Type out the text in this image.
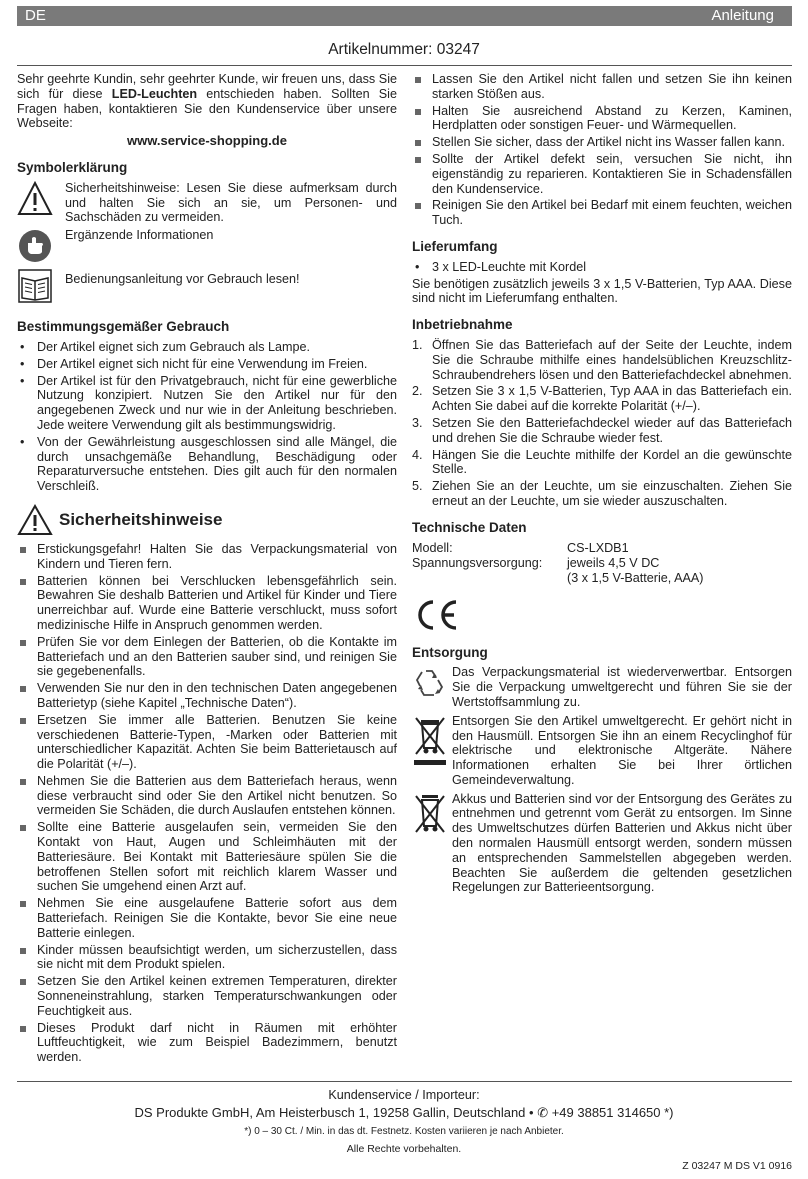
DE	Anleitung
Artikelnummer: 03247

Sehr geehrte Kundin, sehr geehrter Kunde, wir freuen uns, dass Sie sich für diese LED-Leuchten entschieden haben. Sollten Sie Fragen haben, kontaktieren Sie den Kundenservice über unsere Webseite:

www.service-shopping.de
Symbolerklärung

Sicherheitshinweise: Lesen Sie diese aufmerksam durch und halten Sie sich an sie, um Personen- und Sachschäden zu vermeiden.

Ergänzende Informationen

Bedienungsanleitung vor Gebrauch lesen!

Bestimmungsgemäßer Gebrauch
• Der Artikel eignet sich zum Gebrauch als Lampe.
• Der Artikel eignet sich nicht für eine Verwendung im Freien.
• Der Artikel ist für den Privatgebrauch, nicht für eine gewerbliche Nutzung konzipiert. Nutzen Sie den Artikel nur für den angegebenen Zweck und nur wie in der Anleitung beschrieben. Jede weitere Verwendung gilt als bestimmungswidrig.
• Von der Gewährleistung ausgeschlossen sind alle Mängel, die durch unsachgemäße Behandlung, Beschädigung oder Reparaturversuche entstehen. Dies gilt auch für den normalen Verschleiß.
Sicherheitshinweise
Erstickungsgefahr! Halten Sie das Verpackungsmaterial von Kindern und Tieren fern.
Batterien können bei Verschlucken lebensgefährlich sein. Bewahren Sie deshalb Batterien und Artikel für Kinder und Tiere unerreichbar auf. Wurde eine Batterie verschluckt, muss sofort medizinische Hilfe in Anspruch genommen werden.
Prüfen Sie vor dem Einlegen der Batterien, ob die Kontakte im Batteriefach und an den Batterien sauber sind, und reinigen Sie sie gegebenenfalls.
Verwenden Sie nur den in den technischen Daten angegebenen Batterietyp (siehe Kapitel „Technische Daten“).
Ersetzen Sie immer alle Batterien. Benutzen Sie keine verschiedenen Batterie-Typen, -Marken oder Batterien mit unterschiedlicher Kapazität. Achten Sie beim Batterietausch auf die Polarität (+/–).
Nehmen Sie die Batterien aus dem Batteriefach heraus, wenn diese verbraucht sind oder Sie den Artikel nicht benutzen. So vermeiden Sie Schäden, die durch Auslaufen entstehen können.
Sollte eine Batterie ausgelaufen sein, vermeiden Sie den Kontakt von Haut, Augen und Schleimhäuten mit der Batteriesäure. Bei Kontakt mit Batteriesäure spülen Sie die betroffenen Stellen sofort mit reichlich klarem Wasser und suchen Sie umgehend einen Arzt auf.
Nehmen Sie eine ausgelaufene Batterie sofort aus dem Batteriefach. Reinigen Sie die Kontakte, bevor Sie eine neue Batterie einlegen.
Kinder müssen beaufsichtigt werden, um sicherzustellen, dass sie nicht mit dem Produkt spielen.
Setzen Sie den Artikel keinen extremen Temperaturen, direkter Sonneneinstrahlung, starken Temperaturschwankungen oder Feuchtigkeit aus.
Dieses Produkt darf nicht in Räumen mit erhöhter Luftfeuchtigkeit, wie zum Beispiel Badezimmern, benutzt werden.
Lassen Sie den Artikel nicht fallen und setzen Sie ihn keinen starken Stößen aus.
Halten Sie ausreichend Abstand zu Kerzen, Kaminen, Herdplatten oder sonstigen Feuer- und Wärmequellen.
Stellen Sie sicher, dass der Artikel nicht ins Wasser fallen kann.
Sollte der Artikel defekt sein, versuchen Sie nicht, ihn eigenständig zu reparieren. Kontaktieren Sie in Schadensfällen den Kundenservice.
Reinigen Sie den Artikel bei Bedarf mit einem feuchten, weichen Tuch.
Lieferumfang
• 3 x LED-Leuchte mit Kordel

Sie benötigen zusätzlich jeweils 3 x 1,5 V-Batterien, Typ AAA. Diese sind nicht im Lieferumfang enthalten.

Inbetriebnahme
1. Öffnen Sie das Batteriefach auf der Seite der Leuchte, indem Sie die Schraube mithilfe eines handelsüblichen Kreuzschlitz-Schraubendrehers lösen und den Batteriefachdeckel abnehmen.
2. Setzen Sie 3 x 1,5 V-Batterien, Typ AAA in das Batteriefach ein. Achten Sie dabei auf die korrekte Polarität (+/–).
3. Setzen Sie den Batteriefachdeckel wieder auf das Batteriefach und drehen Sie die Schraube wieder fest.
4. Hängen Sie die Leuchte mithilfe der Kordel an die gewünschte Stelle.
5. Ziehen Sie an der Leuchte, um sie einzuschalten. Ziehen Sie erneut an der Leuchte, um sie wieder auszuschalten.
Technische Daten
Modell:	CS-LXDB1
Spannungsversorgung:	jeweils 4,5 V DC
	(3 x 1,5 V-Batterie, AAA)
Entsorgung

Das Verpackungsmaterial ist wiederverwertbar. Entsorgen Sie die Verpackung umweltgerecht und führen Sie sie der Wertstoffsammlung zu.

Entsorgen Sie den Artikel umweltgerecht. Er gehört nicht in den Hausmüll. Entsorgen Sie ihn an einem Recyclinghof für elektrische und elektronische Altgeräte. Nähere Informationen erhalten Sie bei Ihrer örtlichen Gemeindeverwaltung.

Akkus und Batterien sind vor der Entsorgung des Gerätes zu entnehmen und getrennt vom Gerät zu entsorgen. Im Sinne des Umweltschutzes dürfen Batterien und Akkus nicht über den normalen Hausmüll entsorgt werden, sondern müssen an entsprechenden Sammelstellen abgegeben werden. Beachten Sie außerdem die geltenden gesetzlichen Regelungen zur Batterieentsorgung.

Kundenservice / Importeur:
DS Produkte GmbH, Am Heisterbusch 1, 19258 Gallin, Deutschland • ✆ +49 38851 314650 *)
*) 0 – 30 Ct. / Min. in das dt. Festnetz. Kosten variieren je nach Anbieter.
Alle Rechte vorbehalten.
Z 03247 M DS V1 0916
